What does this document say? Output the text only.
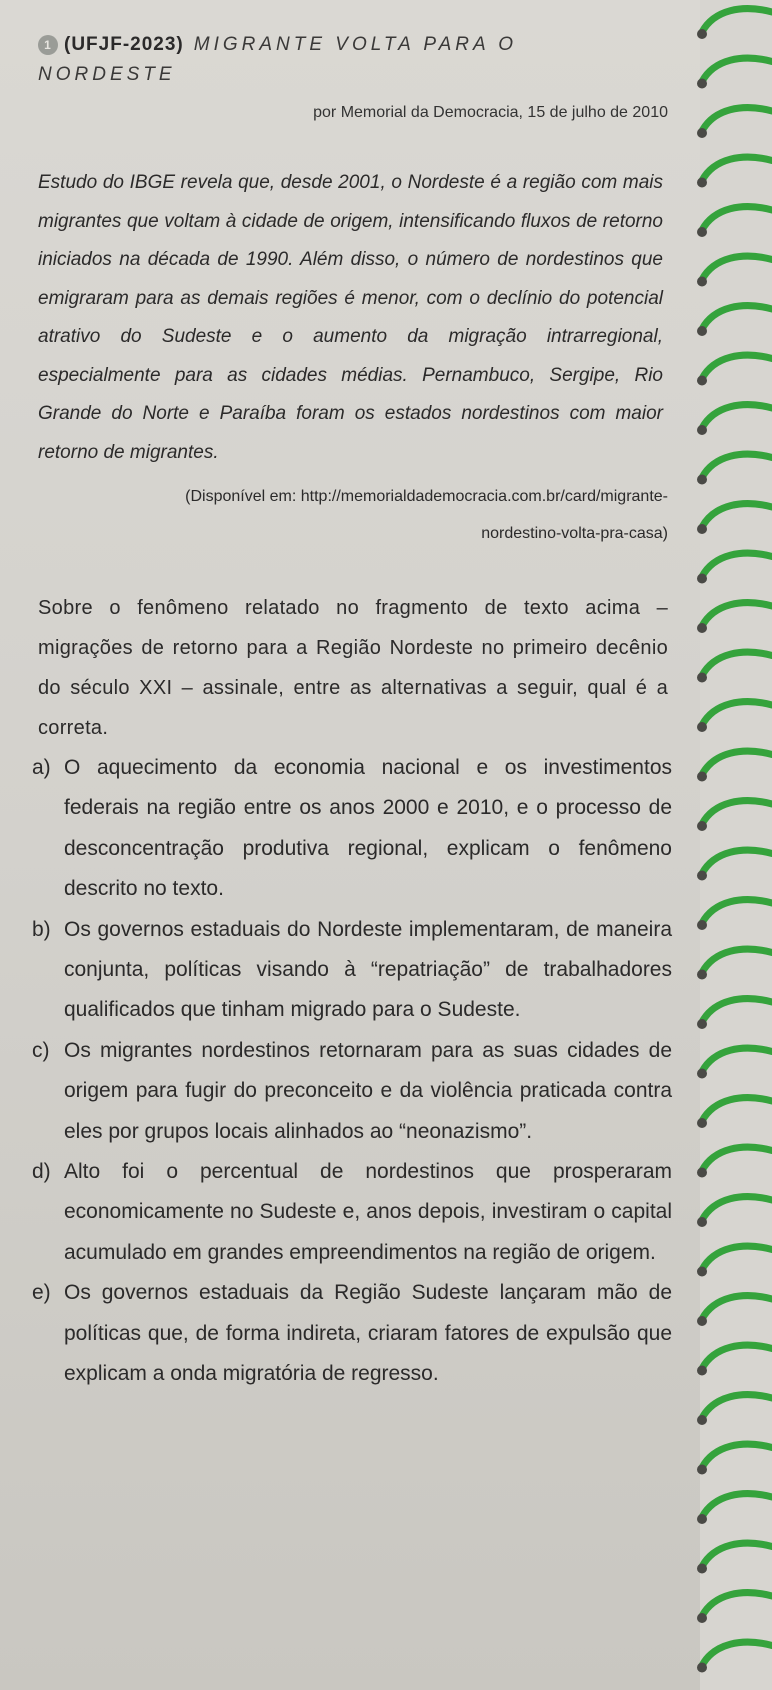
1 (UFJF-2023) MIGRANTE VOLTA PARA O
NORDESTE
por Memorial da Democracia, 15 de julho de 2010
Estudo do IBGE revela que, desde 2001, o Nordeste é a região com mais migrantes que voltam à cidade de origem, intensificando fluxos de retorno iniciados na década de 1990. Além disso, o número de nordestinos que emigraram para as demais regiões é menor, com o declínio do potencial atrativo do Sudeste e o aumento da migração intrarregional, especialmente para as cidades médias. Pernambuco, Sergipe, Rio Grande do Norte e Paraíba foram os estados nordestinos com maior retorno de migrantes.
(Disponível em: http://memorialdademocracia.com.br/card/migrante-
nordestino-volta-pra-casa)
Sobre o fenômeno relatado no fragmento de texto acima – migrações de retorno para a Região Nordeste no primeiro decênio do século XXI – assinale, entre as alternativas a seguir, qual é a correta.
a) O aquecimento da economia nacional e os investimentos federais na região entre os anos 2000 e 2010, e o processo de desconcentração produtiva regional, explicam o fenômeno descrito no texto.
b) Os governos estaduais do Nordeste implementaram, de maneira conjunta, políticas visando à “repatriação” de trabalhadores qualificados que tinham migrado para o Sudeste.
c) Os migrantes nordestinos retornaram para as suas cidades de origem para fugir do preconceito e da violência praticada contra eles por grupos locais alinhados ao “neonazismo”.
d) Alto foi o percentual de nordestinos que prosperaram economicamente no Sudeste e, anos depois, investiram o capital acumulado em grandes empreendimentos na região de origem.
e) Os governos estaduais da Região Sudeste lançaram mão de políticas que, de forma indireta, criaram fatores de expulsão que explicam a onda migratória de regresso.
